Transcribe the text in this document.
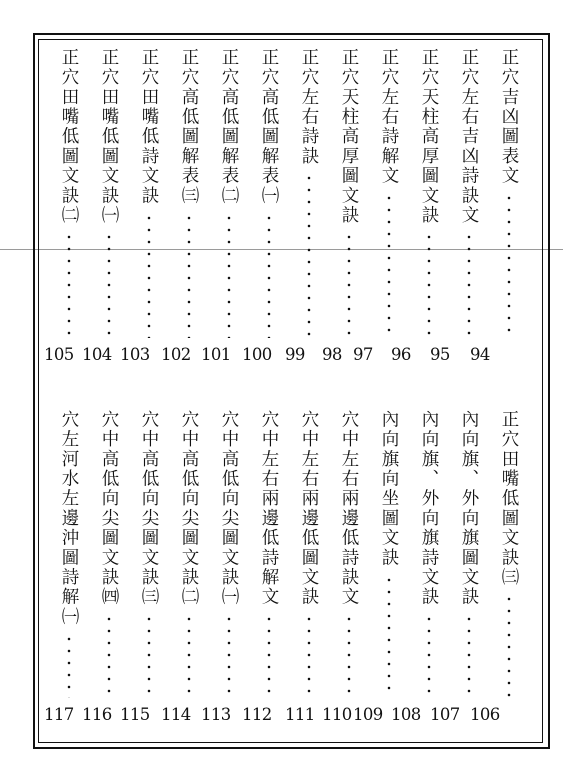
正穴吉凶圖表文
94
正穴左右吉凶詩訣文
95
正穴天柱高厚圖文訣
96
正穴左右詩解文
97
正穴天柱高厚圖文訣
98
正穴左右詩訣
99
正穴高低圖解表㈠
100
正穴高低圖解表㈡
101
正穴高低圖解表㈢
102
正穴田嘴低詩文訣
103
正穴田嘴低圖文訣㈠
104
正穴田嘴低圖文訣㈡
105
正穴田嘴低圖文訣㈢
106
內向旗、外向旗圖文訣
107
內向旗、外向旗詩文訣
108
內向旗向坐圖文訣
109
穴中左右兩邊低詩訣文
110
穴中左右兩邊低圖文訣
111
穴中左右兩邊低詩解文
112
穴中高低向尖圖文訣㈠
113
穴中高低向尖圖文訣㈡
114
穴中高低向尖圖文訣㈢
115
穴中高低向尖圖文訣㈣
116
穴左河水左邊沖圖詩解㈠
117
